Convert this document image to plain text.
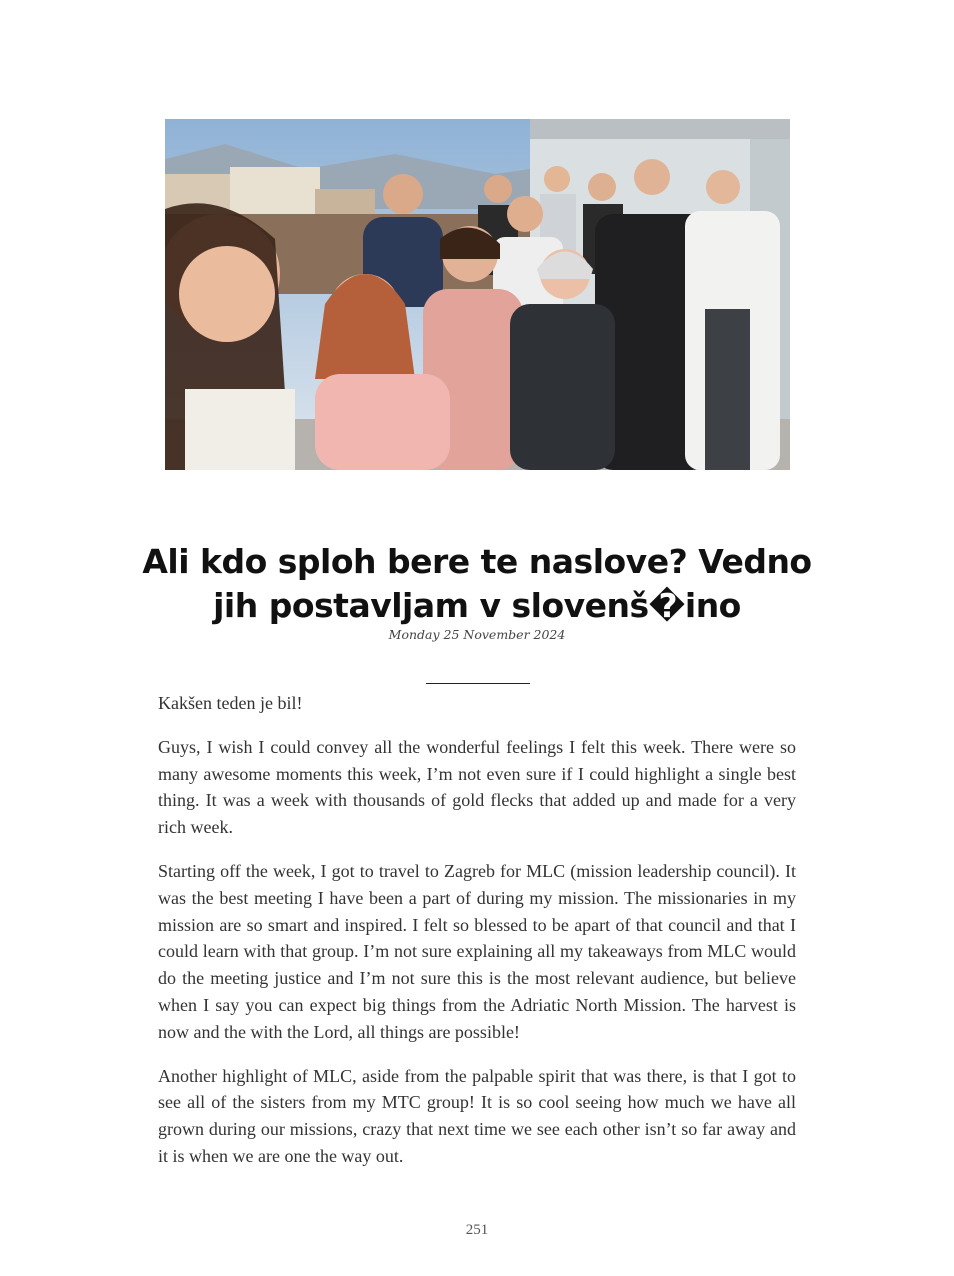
Ali kdo sploh bere te naslove? Vedno
jih postavljam v slovenš�ino

Monday 25 November 2024

Kakšen teden je bil!

Guys, I wish I could convey all the wonderful feelings I felt this week. There were so many awesome moments this week, I’m not even sure if I could highlight a single best thing. It was a week with thousands of gold flecks that added up and made for a very rich week.

Starting off the week, I got to travel to Zagreb for MLC (mission leadership council). It was the best meeting I have been a part of during my mission. The missionaries in my mission are so smart and inspired. I felt so blessed to be apart of that council and that I could learn with that group. I’m not sure explaining all my takeaways from MLC would do the meeting justice and I’m not sure this is the most relevant audience, but believe when I say you can expect big things from the Adriatic North Mission. The harvest is now and the with the Lord, all things are possible!

Another highlight of MLC, aside from the palpable spirit that was there, is that I got to see all of the sisters from my MTC group! It is so cool seeing how much we have all grown during our missions, crazy that next time we see each other isn’t so far away and it is when we are one the way out.

251
